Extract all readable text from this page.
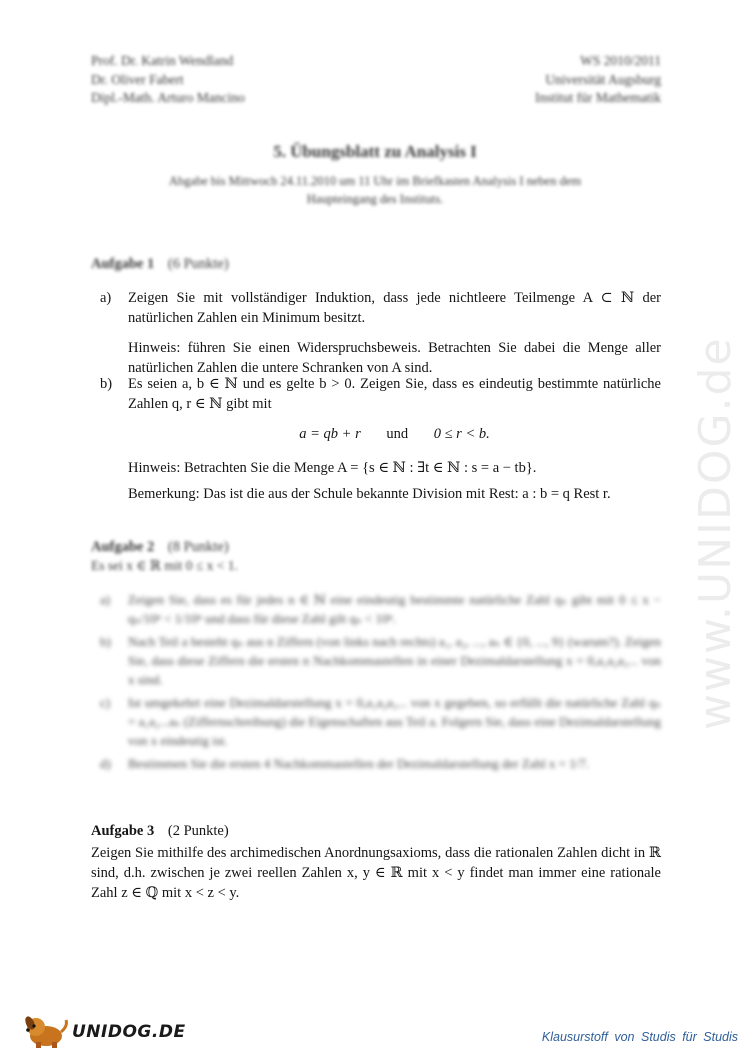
Prof. Dr. Katrin Wendland
Dr. Oliver Fabert
Dipl.-Math. Arturo Mancino
WS 2010/2011
Universität Augsburg
Institut für Mathematik
5. Übungsblatt zu Analysis I
Abgabe bis Mittwoch 24.11.2010 um 11 Uhr im Briefkasten Analysis I neben dem Haupteingang des Instituts.
Aufgabe 1 (6 Punkte)
a) Zeigen Sie mit vollständiger Induktion, dass jede nichtleere Teilmenge A ⊂ ℕ der natürlichen Zahlen ein Minimum besitzt.

Hinweis: führen Sie einen Widerspruchsbeweis. Betrachten Sie dabei die Menge aller natürlichen Zahlen die untere Schranken von A sind.

b) Es seien a, b ∈ ℕ und es gelte b > 0. Zeigen Sie, dass es eindeutig bestimmte natürliche Zahlen q, r ∈ ℕ gibt mit

a = qb + r und 0 ≤ r < b.

Hinweis: Betrachten Sie die Menge A = {s ∈ ℕ : ∃t ∈ ℕ : s = a − tb}.

Bemerkung: Das ist die aus der Schule bekannte Division mit Rest: a : b = q Rest r.

Aufgabe 2 (8 Punkte)
Es sei x ∈ ℝ mit 0 ≤ x < 1.
a) Zeigen Sie, dass es für jedes n ∈ ℕ eine eindeutig bestimmte natürliche Zahl qₙ gibt mit 0 ≤ x − qₙ/10ⁿ < 1/10ⁿ und dass für diese Zahl gilt qₙ < 10ⁿ.
b) Nach Teil a besteht qₙ aus n Ziffern (von links nach rechts) a₁, a₂, ..., aₙ ∈ {0, ..., 9} (warum?). Zeigen Sie, dass diese Ziffern die ersten n Nachkommastellen in einer Dezimaldarstellung x = 0,a₁a₂a₃... von x sind.
c) Ist umgekehrt eine Dezimaldarstellung x = 0,a₁a₂a₃... von x gegeben, so erfüllt die natürliche Zahl qₙ = a₁a₂...aₙ (Ziffernschreibung) die Eigenschaften aus Teil a. Folgern Sie, dass eine Dezimaldarstellung von x eindeutig ist.
d) Bestimmen Sie die ersten 4 Nachkommastellen der Dezimaldarstellung der Zahl x = 1/7.
Aufgabe 3 (2 Punkte)
Zeigen Sie mithilfe des archimedischen Anordnungsaxioms, dass die rationalen Zahlen dicht in ℝ sind, d.h. zwischen je zwei reellen Zahlen x, y ∈ ℝ mit x < y findet man immer eine rationale Zahl z ∈ ℚ mit x < z < y.
www.UNIDOG.de
UNIDOG.DE	Klausurstoff von Studis für Studis
